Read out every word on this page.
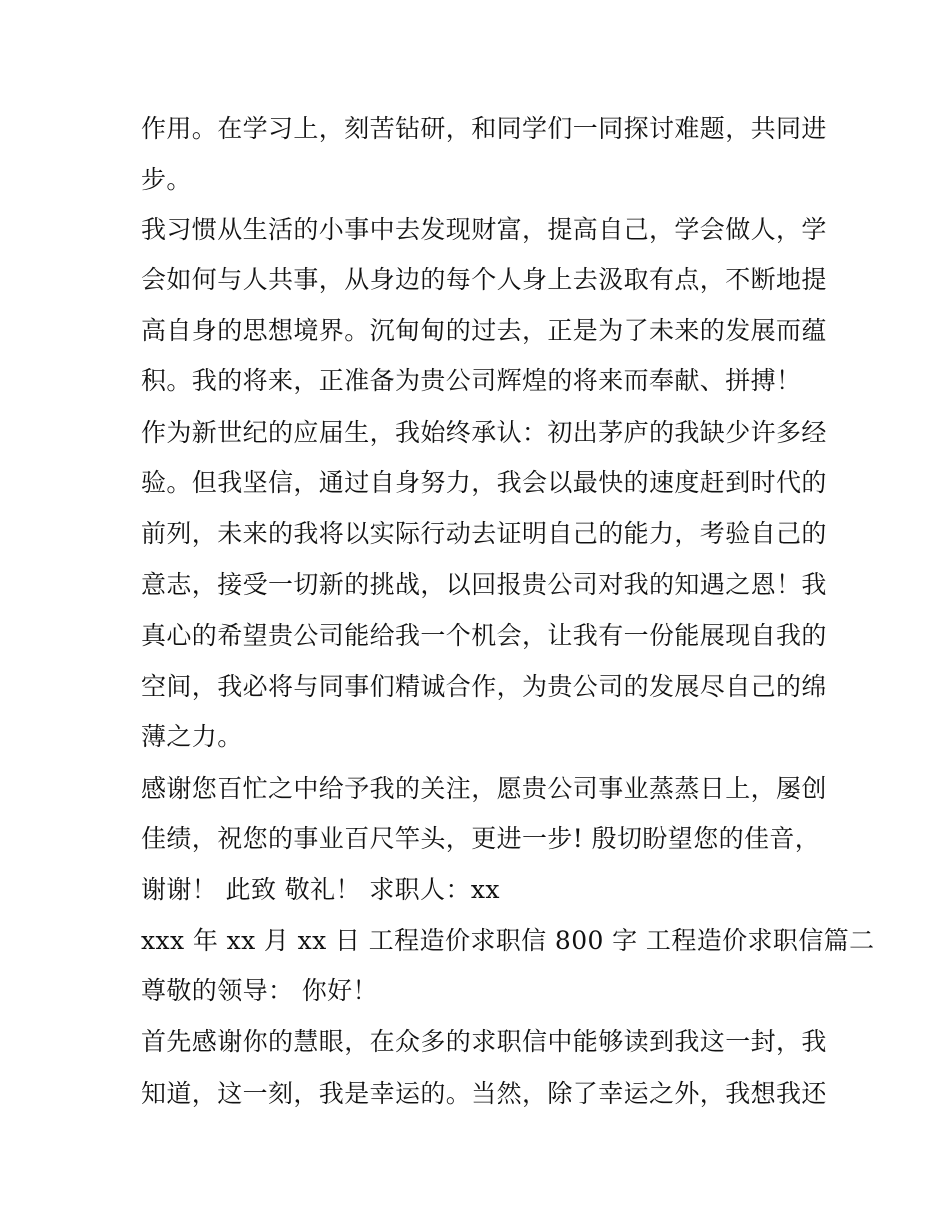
作用。在学习上，刻苦钻研，和同学们一同探讨难题，共同进
步。
我习惯从生活的小事中去发现财富，提高自己，学会做人，学
会如何与人共事，从身边的每个人身上去汲取有点，不断地提
高自身的思想境界。沉甸甸的过去，正是为了未来的发展而蕴
积。我的将来，正准备为贵公司辉煌的将来而奉献、拼搏！
作为新世纪的应届生，我始终承认：初出茅庐的我缺少许多经
验。但我坚信，通过自身努力，我会以最快的速度赶到时代的
前列，未来的我将以实际行动去证明自己的能力，考验自己的
意志，接受一切新的挑战，以回报贵公司对我的知遇之恩！我
真心的希望贵公司能给我一个机会，让我有一份能展现自我的
空间，我必将与同事们精诚合作，为贵公司的发展尽自己的绵
薄之力。
感谢您百忙之中给予我的关注，愿贵公司事业蒸蒸日上，屡创
佳绩，祝您的事业百尺竿头，更进一步! 殷切盼望您的佳音，
谢谢！ 此致 敬礼！ 求职人：xx
xxx 年 xx 月 xx 日 工程造价求职信 800 字 工程造价求职信篇二
尊敬的领导： 你好！
首先感谢你的慧眼，在众多的求职信中能够读到我这一封，我
知道，这一刻，我是幸运的。当然，除了幸运之外，我想我还
